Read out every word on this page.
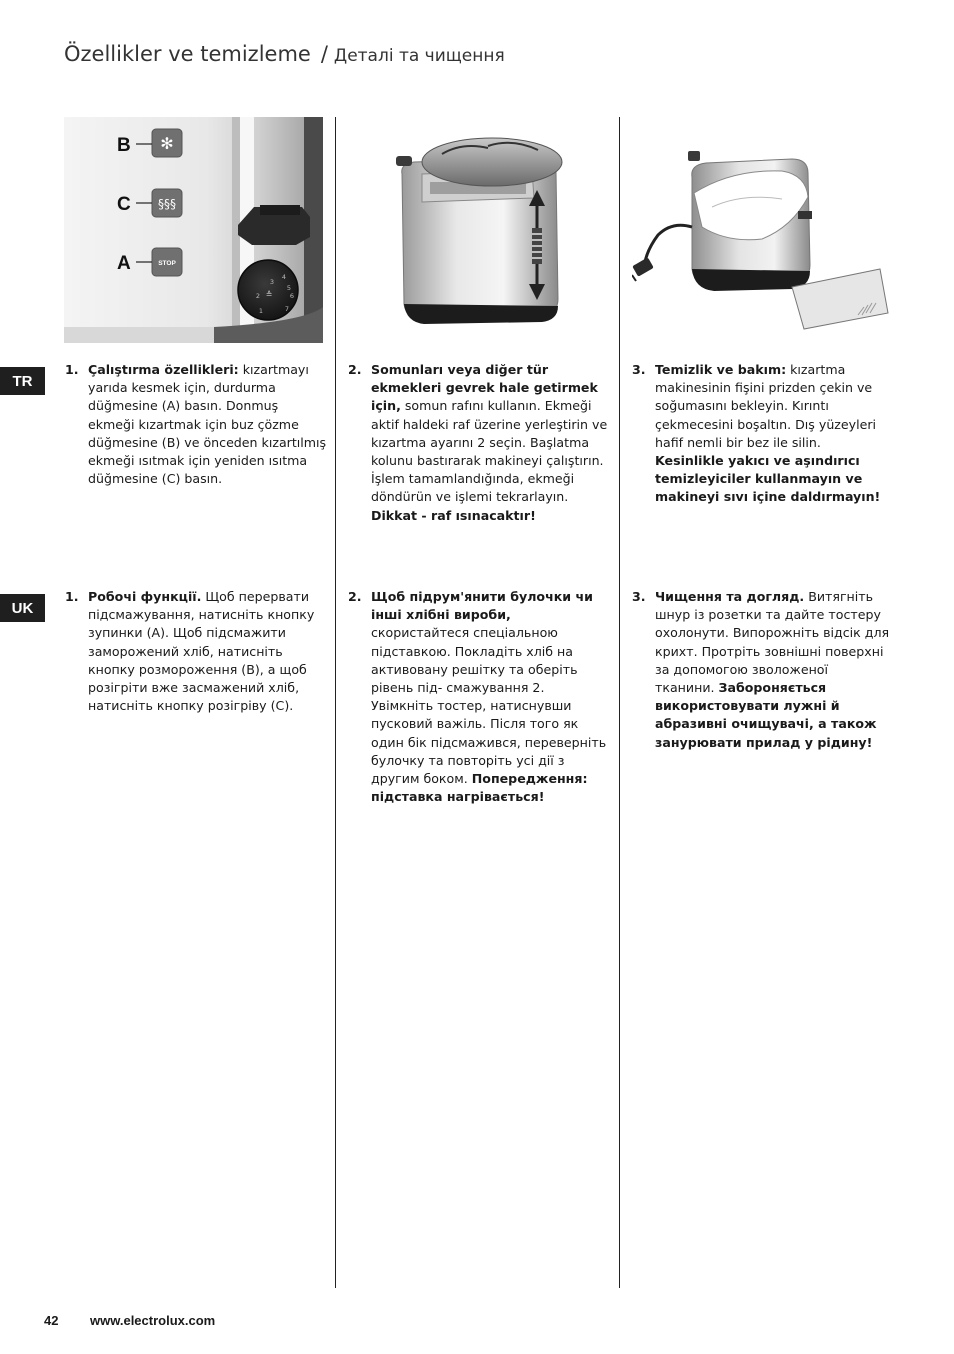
Özellikler ve temizleme / Деталі та чищення
✻
§§§
STOP
B
C
A
1
2
3
4
5
6
7
≙
TR
UK
1. Çalıştırma özellikleri: kızartmayı yarıda kesmek için, durdurma düğmesine (A) basın. Donmuş ekmeği kızartmak için buz çözme düğmesine (B) ve önceden kızartılmış ekmeği ısıtmak için yeniden ısıtma düğmesine (C) basın.
2. Somunları veya diğer tür ekmekleri gevrek hale getirmek için, somun rafını kullanın. Ekmeği aktif haldeki raf üzerine yerleştirin ve kızartma ayarını 2 seçin. Başlatma kolunu bastırarak makineyi çalıştırın. İşlem tamamlandığında, ekmeği döndürün ve işlemi tekrarlayın. Dikkat - raf ısınacaktır!
3. Temizlik ve bakım: kızartma makinesinin fişini prizden çekin ve soğumasını bekleyin. Kırıntı çekmecesini boşaltın. Dış yüzeyleri hafif nemli bir bez ile silin. Kesinlikle yakıcı ve aşındırıcı temizleyiciler kullanmayın ve makineyi sıvı içine daldırmayın!
1. Робочі функції. Щоб перервати підсмажування, натисніть кнопку зупинки (A). Щоб підсмажити заморожений хліб, натисніть кнопку розмороження (B), а щоб розігріти вже засмажений хліб, натисніть кнопку розігріву (C).
2. Щоб підрум'янити булочки чи інші хлібні вироби, скористайтеся спеціальною підставкою. Покладіть хліб на активовану решітку та оберіть рівень під- смажування 2. Увімкніть тостер, натиснувши пусковий важіль. Після того як один бік підсмажився, переверніть булочку та повторіть усі дії з другим боком. Попередження: підставка нагрівається!
3. Чищення та догляд. Витягніть шнур із розетки та дайте тостеру охолонути. Випорожніть відсік для крихт. Протріть зовнішні поверхні за допомогою зволоженої тканини. Забороняється використовувати лужні й абразивні очищувачі, а також занурювати прилад у рідину!
42 www.electrolux.com
